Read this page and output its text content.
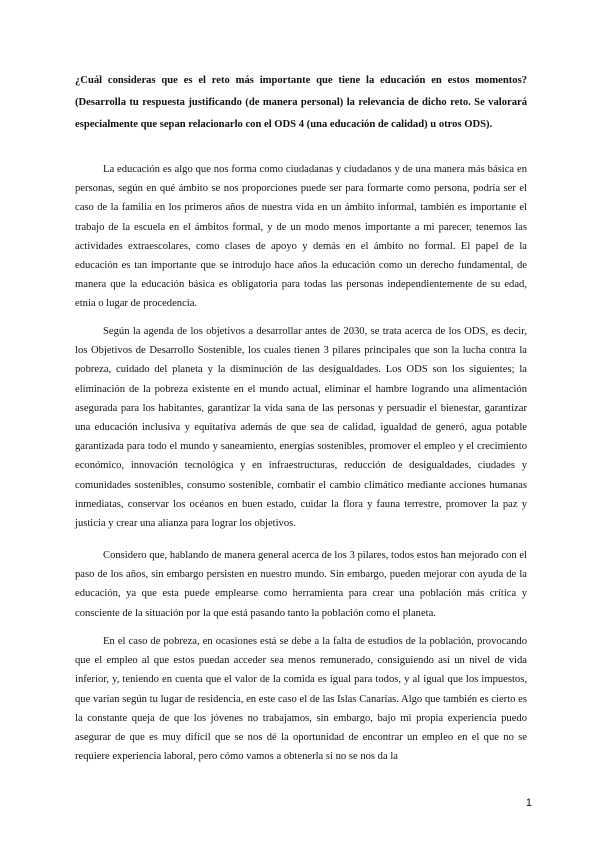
¿Cuál consideras que es el reto más importante que tiene la educación en estos momentos? (Desarrolla tu respuesta justificando (de manera personal) la relevancia de dicho reto. Se valorará especialmente que sepan relacionarlo con el ODS 4 (una educación de calidad) u otros ODS).

La educación es algo que nos forma como ciudadanas y ciudadanos y de una manera más básica en personas, según en qué ámbito se nos proporciones puede ser para formarte como persona, podría ser el caso de la familia en los primeros años de nuestra vida en un ámbito informal, también es importante el trabajo de la escuela en el ámbitos formal, y de un modo menos importante a mi parecer, tenemos las actividades extraescolares, como clases de apoyo y demás en el ámbito no formal. El papel de la educación es tan importante que se introdujo hace años la educación como un derecho fundamental, de manera que la educación básica es obligatoria para todas las personas independientemente de su edad, etnia o lugar de procedencia.

Según la agenda de los objetivos a desarrollar antes de 2030, se trata acerca de los ODS, es decir, los Objetivos de Desarrollo Sostenible, los cuales tienen 3 pilares principales que son la lucha contra la pobreza, cuidado del planeta y la disminución de las desigualdades. Los ODS son los siguientes; la eliminación de la pobreza existente en el mundo actual, eliminar el hambre logrando una alimentación asegurada para los habitantes, garantizar la vida sana de las personas y persuadir el bienestar, garantizar una educación inclusiva y equitativa además de que sea de calidad, igualdad de generó, agua potable garantizada para todo el mundo y saneamiento, energías sostenibles, promover el empleo y el crecimiento económico, innovación tecnológica y en infraestructuras, reducción de desigualdades, ciudades y comunidades sostenibles, consumo sostenible, combatir el cambio climático mediante acciones humanas inmediatas, conservar los océanos en buen estado, cuidar la flora y fauna terrestre, promover la paz y justicia y crear una alianza para lograr los objetivos.

Considero que, hablando de manera general acerca de los 3 pilares, todos estos han mejorado con el paso de los años, sin embargo persisten en nuestro mundo. Sin embargo, pueden mejorar con ayuda de la educación, ya que esta puede emplearse como herramienta para crear una población más crítica y consciente de la situación por la que está pasando tanto la población como el planeta.

En el caso de pobreza, en ocasiones está se debe a la falta de estudios de la población, provocando que el empleo al que estos puedan acceder sea menos remunerado, consiguiendo así un nivel de vida inferior, y, teniendo en cuenta que el valor de la comida es igual para todos, y al igual que los impuestos, que varían según tu lugar de residencia, en este caso el de las Islas Canarias. Algo que también es cierto es la constante queja de que los jóvenes no trabajamos, sin embargo, bajo mi propia experiencia puedo asegurar de que es muy difícil que se nos dé la oportunidad de encontrar un empleo en el que no se requiere experiencia laboral, pero cómo vamos a obtenerla si no se nos da la

1
